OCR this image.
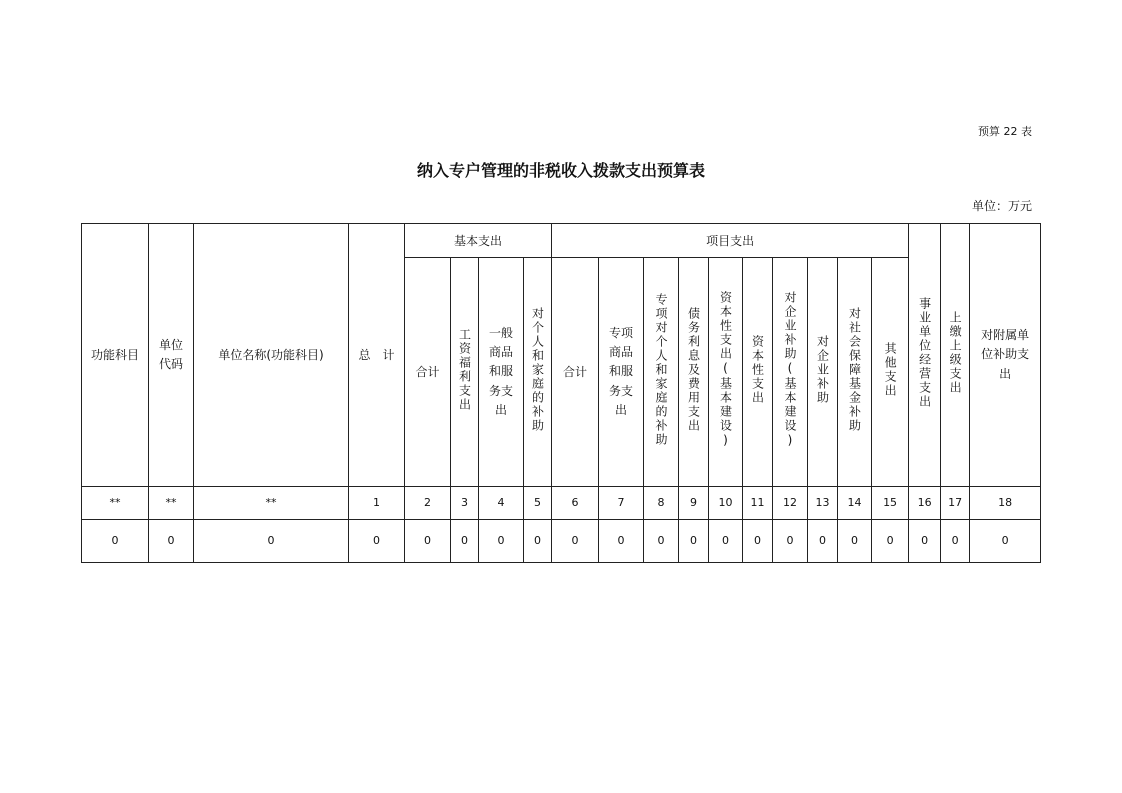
预算 22 表
纳入专户管理的非税收入拨款支出预算表
单位：万元
功能科目	单位代码	单位名称(功能科目)	总　计	基本支出				项目支出										事业单位经营支出	上缴上级支出	对附属单位补助支出
				合计	工资福利支出	一般商品和服务支出	对个人和家庭的补助	合计	专项商品和服务支出	专项对个人和家庭的补助	债务利息及费用支出	资本性支出(基本建设)	资本性支出	对企业补助(基本建设)	对企业补助	对社会保障基金补助	其他支出			
**	**	**	1	2	3	4	5	6	7	8	9	10	11	12	13	14	15	16	17	18
0	0	0	0	0	0	0	0	0	0	0	0	0	0	0	0	0	0	0	0	0
